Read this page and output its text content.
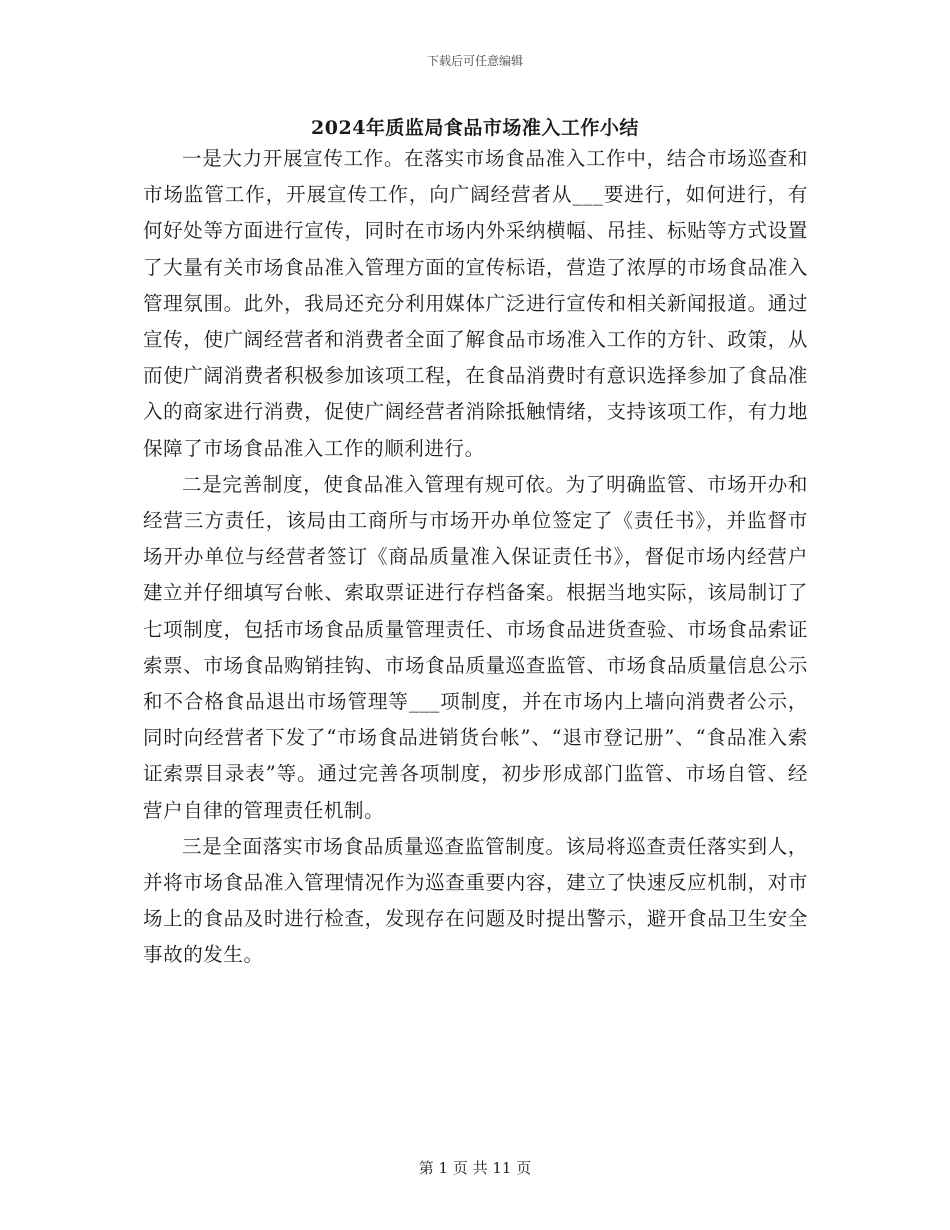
下载后可任意编辑
2024年质监局食品市场准入工作小结

一是大力开展宣传工作。在落实市场食品准入工作中，结合市场巡查和市场监管工作，开展宣传工作，向广阔经营者从___要进行，如何进行，有何好处等方面进行宣传，同时在市场内外采纳横幅、吊挂、标贴等方式设置了大量有关市场食品准入管理方面的宣传标语，营造了浓厚的市场食品准入管理氛围。此外，我局还充分利用媒体广泛进行宣传和相关新闻报道。通过宣传，使广阔经营者和消费者全面了解食品市场准入工作的方针、政策，从而使广阔消费者积极参加该项工程，在食品消费时有意识选择参加了食品准入的商家进行消费，促使广阔经营者消除抵触情绪，支持该项工作，有力地保障了市场食品准入工作的顺利进行。

二是完善制度，使食品准入管理有规可依。为了明确监管、市场开办和经营三方责任，该局由工商所与市场开办单位签定了《责任书》，并监督市场开办单位与经营者签订《商品质量准入保证责任书》，督促市场内经营户建立并仔细填写台帐、索取票证进行存档备案。根据当地实际，该局制订了七项制度，包括市场食品质量管理责任、市场食品进货查验、市场食品索证索票、市场食品购销挂钩、市场食品质量巡查监管、市场食品质量信息公示和不合格食品退出市场管理等___项制度，并在市场内上墙向消费者公示，同时向经营者下发了“市场食品进销货台帐”、“退市登记册”、“食品准入索证索票目录表”等。通过完善各项制度，初步形成部门监管、市场自管、经营户自律的管理责任机制。

三是全面落实市场食品质量巡查监管制度。该局将巡查责任落实到人，并将市场食品准入管理情况作为巡查重要内容，建立了快速反应机制，对市场上的食品及时进行检查，发现存在问题及时提出警示，避开食品卫生安全事故的发生。

第 1 页 共 11 页
